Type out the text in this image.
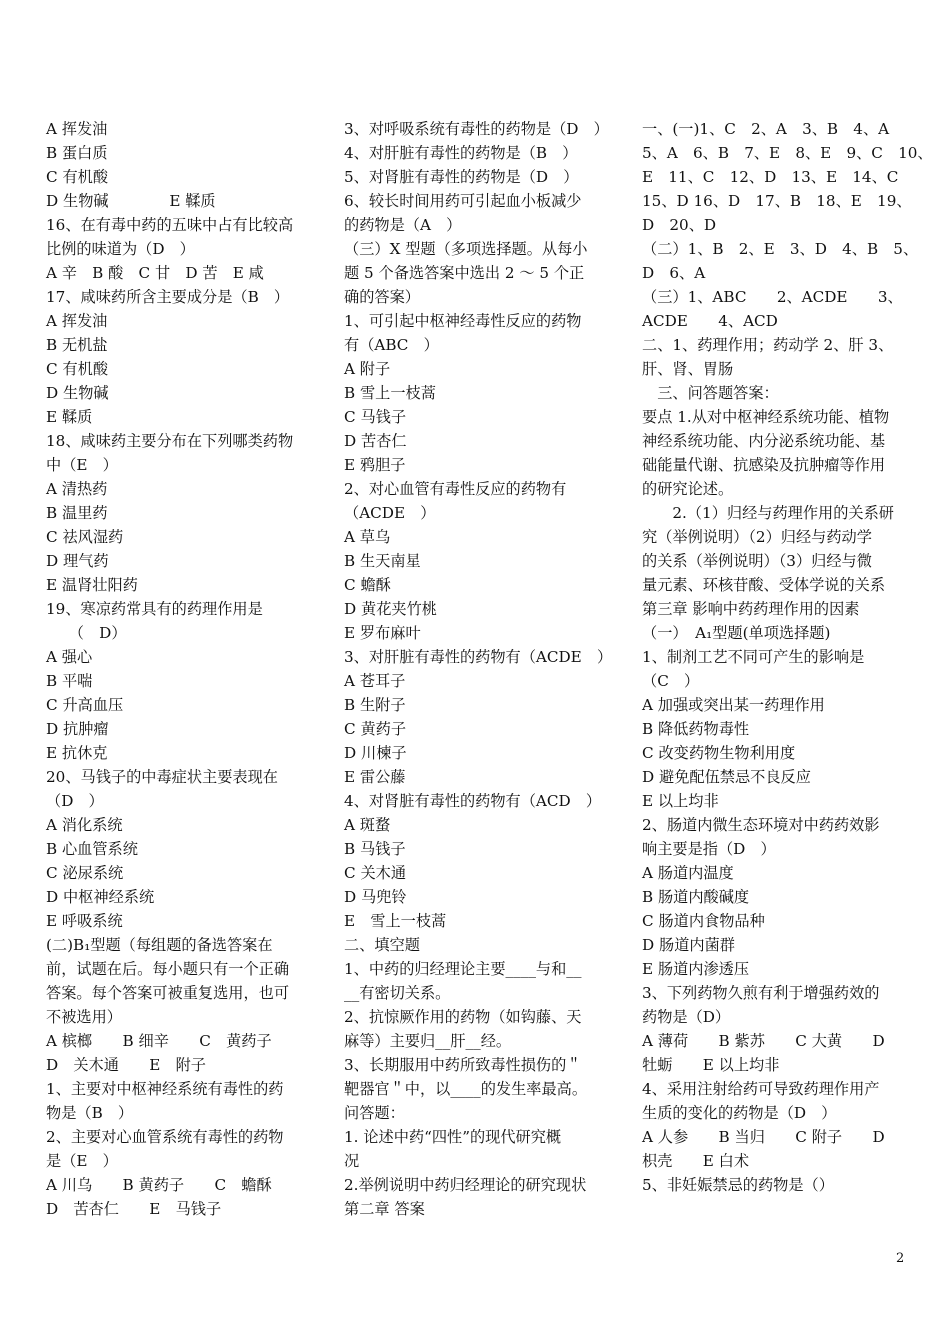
A 挥发油
B 蛋白质
C 有机酸
D 生物碱　　　　E 鞣质
16、在有毒中药的五味中占有比较高
比例的味道为（D　）
A 辛　B 酸　C 甘　D 苦　E 咸
17、咸味药所含主要成分是（B　）
A 挥发油
B 无机盐
C 有机酸
D 生物碱
E 鞣质
18、咸味药主要分布在下列哪类药物
中（E　）
A 清热药
B 温里药
C 祛风湿药
D 理气药
E 温肾壮阳药
19、寒凉药常具有的药理作用是
　　（　D）
A 强心
B 平喘
C 升高血压
D 抗肿瘤
E 抗休克
20、马钱子的中毒症状主要表现在
（D　）
A 消化系统
B 心血管系统
C 泌尿系统
D 中枢神经系统
E 呼吸系统
(二)B₁型题（每组题的备选答案在
前，试题在后。每小题只有一个正确
答案。每个答案可被重复选用，也可
不被选用）
A 槟榔　　B 细辛　　C　黄药子
D　关木通　　E　附子
1、主要对中枢神经系统有毒性的药
物是（B　）
2、主要对心血管系统有毒性的药物
是（E　）
A 川乌　　B 黄药子　　C　蟾酥
D　苦杏仁　　E　马钱子
3、对呼吸系统有毒性的药物是（D　）
4、对肝脏有毒性的药物是（B　）
5、对肾脏有毒性的药物是（D　）
6、较长时间用药可引起血小板减少
的药物是（A　）
（三）X 型题（多项选择题。从每小
题 5 个备选答案中选出 2 ～ 5 个正
确的答案）
1、可引起中枢神经毒性反应的药物
有（ABC　）
A 附子
B 雪上一枝蒿
C 马钱子
D 苦杏仁
E 鸦胆子
2、对心血管有毒性反应的药物有
（ACDE　）
A 草乌
B 生天南星
C 蟾酥
D 黄花夹竹桃
E 罗布麻叶
3、对肝脏有毒性的药物有（ACDE　）
A 苍耳子
B 生附子
C 黄药子
D 川楝子
E 雷公藤
4、对肾脏有毒性的药物有（ACD　）
A 斑蝥
B 马钱子
C 关木通
D 马兜铃
E　雪上一枝蒿
二、填空题
1、中药的归经理论主要____与和__
__有密切关系。
2、抗惊厥作用的药物（如钩藤、天
麻等）主要归__肝__经。
3、长期服用中药所致毒性损伤的＂
靶器官＂中，以____的发生率最高。
问答题：
1. 论述中药“四性”的现代研究概
况
2.举例说明中药归经理论的研究现状
第二章 答案
一、(一)1、C　2、A　3、B　4、A
5、A　6、B　7、E　8、E　9、C　10、
E　11、C　12、D　13、E　14、C
15、D 16、D　17、B　18、E　19、
D　20、D
（二）1、B　2、E　3、D　4、B　5、
D　6、A
（三）1、ABC　　2、ACDE　　3、
ACDE　　4、ACD
二、1、药理作用；药动学 2、肝 3、
肝、肾、胃肠
　三、问答题答案：
要点 1.从对中枢神经系统功能、植物
神经系统功能、内分泌系统功能、基
础能量代谢、抗感染及抗肿瘤等作用
的研究论述。
　　2.（1）归经与药理作用的关系研
究（举例说明）（2）归经与药动学
的关系（举例说明）（3）归经与微
量元素、环核苷酸、受体学说的关系
第三章 影响中药药理作用的因素
（一）　A₁型题(单项选择题)
1、制剂工艺不同可产生的影响是
（C　）
A 加强或突出某一药理作用
B 降低药物毒性
C 改变药物生物利用度
D 避免配伍禁忌不良反应
E 以上均非
2、肠道内微生态环境对中药药效影
响主要是指（D　）
A 肠道内温度
B 肠道内酸碱度
C 肠道内食物品种
D 肠道内菌群
E 肠道内渗透压
3、下列药物久煎有利于增强药效的
药物是（D）
A 薄荷　　B 紫苏　　C 大黄　　D
牡蛎　　E 以上均非
4、采用注射给药可导致药理作用产
生质的变化的药物是（D　）
A 人参　　B 当归　　C 附子　　D
枳壳　　E 白术
5、非妊娠禁忌的药物是（）
2
